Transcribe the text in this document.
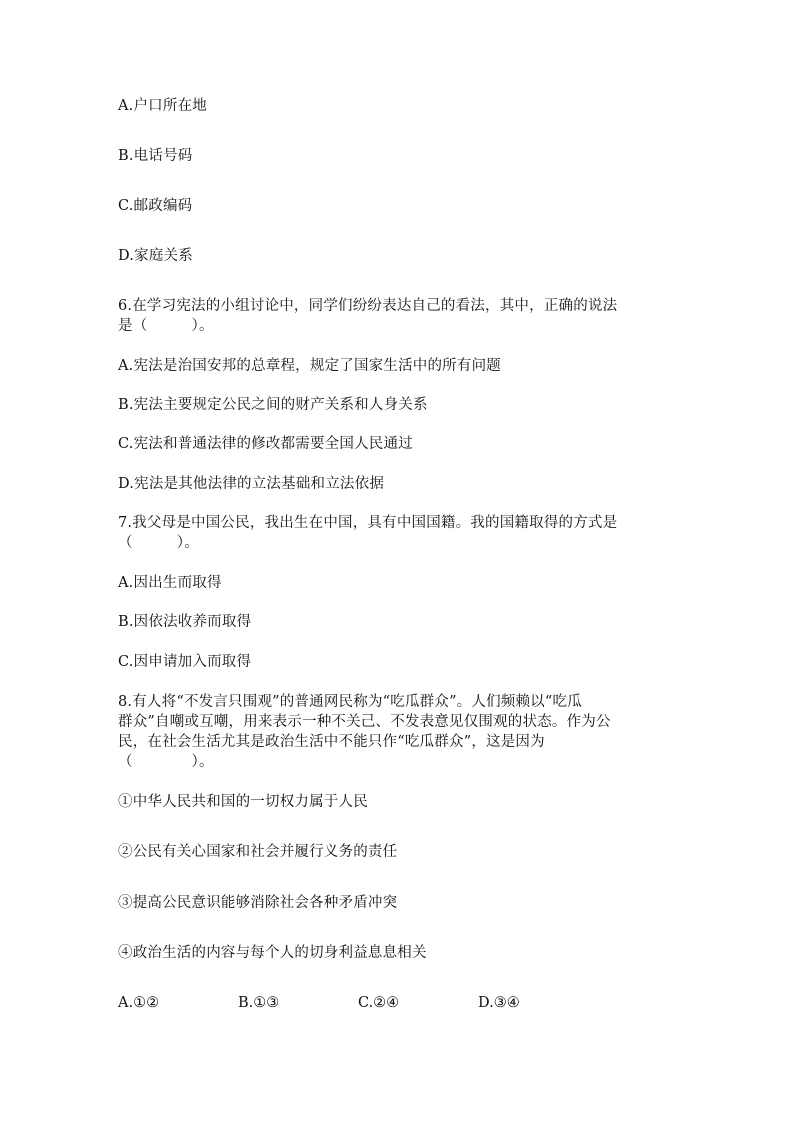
A.户口所在地
B.电话号码
C.邮政编码
D.家庭关系
6.在学习宪法的小组讨论中，同学们纷纷表达自己的看法，其中，正确的说法
是（　　　）。
A.宪法是治国安邦的总章程，规定了国家生活中的所有问题
B.宪法主要规定公民之间的财产关系和人身关系
C.宪法和普通法律的修改都需要全国人民通过
D.宪法是其他法律的立法基础和立法依据
7.我父母是中国公民，我出生在中国，具有中国国籍。我的国籍取得的方式是
（　　　）。
A.因出生而取得
B.因依法收养而取得
C.因申请加入而取得
8.有人将“不发言只围观”的普通网民称为“吃瓜群众”。人们频赖以“吃瓜
群众”自嘲或互嘲，用来表示一种不关己、不发表意见仅围观的状态。作为公
民，在社会生活尤其是政治生活中不能只作“吃瓜群众”，这是因为
（　　　　）。
①中华人民共和国的一切权力属于人民
②公民有关心国家和社会并履行义务的责任
③提高公民意识能够消除社会各种矛盾冲突
④政治生活的内容与每个人的切身利益息息相关
A.①②	B.①③	C.②④	D.③④
